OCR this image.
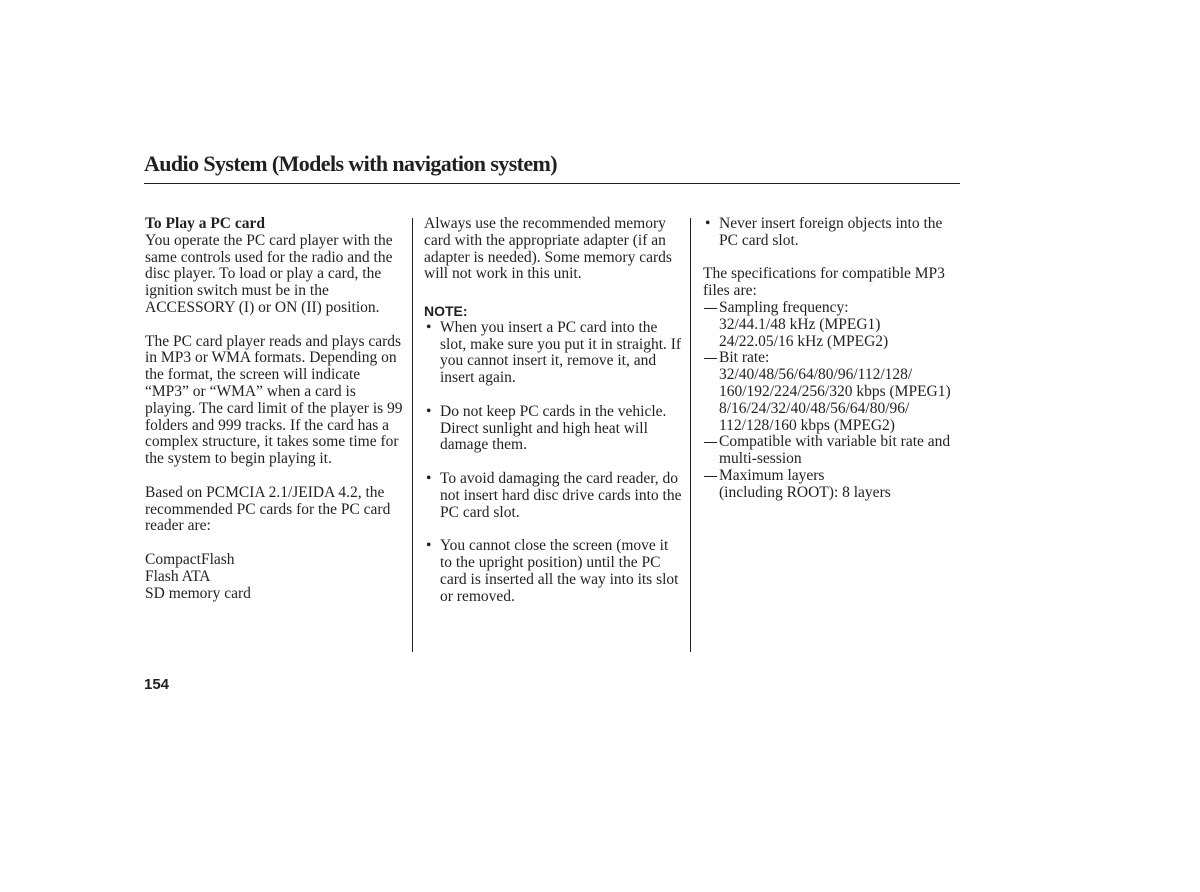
Audio System (Models with navigation system)

To Play a PC card

You operate the PC card player with the same controls used for the radio and the disc player. To load or play a card, the ignition switch must be in the ACCESSORY (I) or ON (II) position.

The PC card player reads and plays cards in MP3 or WMA formats. Depending on the format, the screen will indicate “MP3” or “WMA” when a card is playing. The card limit of the player is 99 folders and 999 tracks. If the card has a complex structure, it takes some time for the system to begin playing it.

Based on PCMCIA 2.1/JEIDA 4.2, the recommended PC cards for the PC card reader are:

CompactFlash

Flash ATA

SD memory card

Always use the recommended memory card with the appropriate adapter (if an adapter is needed). Some memory cards will not work in this unit.

NOTE:

• When you insert a PC card into the slot, make sure you put it in straight. If you cannot insert it, remove it, and insert again.

• Do not keep PC cards in the vehicle. Direct sunlight and high heat will damage them.

• To avoid damaging the card reader, do not insert hard disc drive cards into the PC card slot.

• You cannot close the screen (move it to the upright position) until the PC card is inserted all the way into its slot or removed.

• Never insert foreign objects into the PC card slot.

The specifications for compatible MP3 files are:

Sampling frequency:

32/44.1/48 kHz (MPEG1)

24/22.05/16 kHz (MPEG2)

Bit rate:

32/40/48/56/64/80/96/112/128/ 160/192/224/256/320 kbps (MPEG1)

8/16/24/32/40/48/56/64/80/96/ 112/128/160 kbps (MPEG2)

Compatible with variable bit rate and multi-session

Maximum layers

(including ROOT): 8 layers

154
